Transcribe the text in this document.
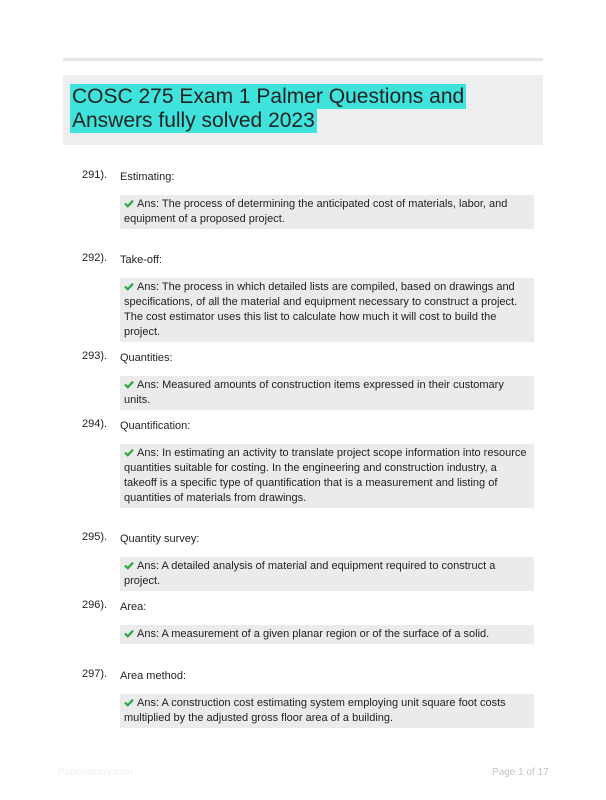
COSC 275 Exam 1 Palmer Questions and Answers fully solved 2023
291). Estimating:
Ans: The process of determining the anticipated cost of materials, labor, and equipment of a proposed project.
292). Take-off:
Ans: The process in which detailed lists are compiled, based on drawings and specifications, of all the material and equipment necessary to construct a project. The cost estimator uses this list to calculate how much it will cost to build the project.
293). Quantities:
Ans: Measured amounts of construction items expressed in their customary units.
294). Quantification:
Ans: In estimating an activity to translate project scope information into resource quantities suitable for costing. In the engineering and construction industry, a takeoff is a specific type of quantification that is a measurement and listing of quantities of materials from drawings.
295). Quantity survey:
Ans: A detailed analysis of material and equipment required to construct a project.
296). Area:
Ans: A measurement of a given planar region or of the surface of a solid.
297). Area method:
Ans: A construction cost estimating system employing unit square foot costs multiplied by the adjusted gross floor area of a building.
Paperlibrary.com	Page 1 of 17
